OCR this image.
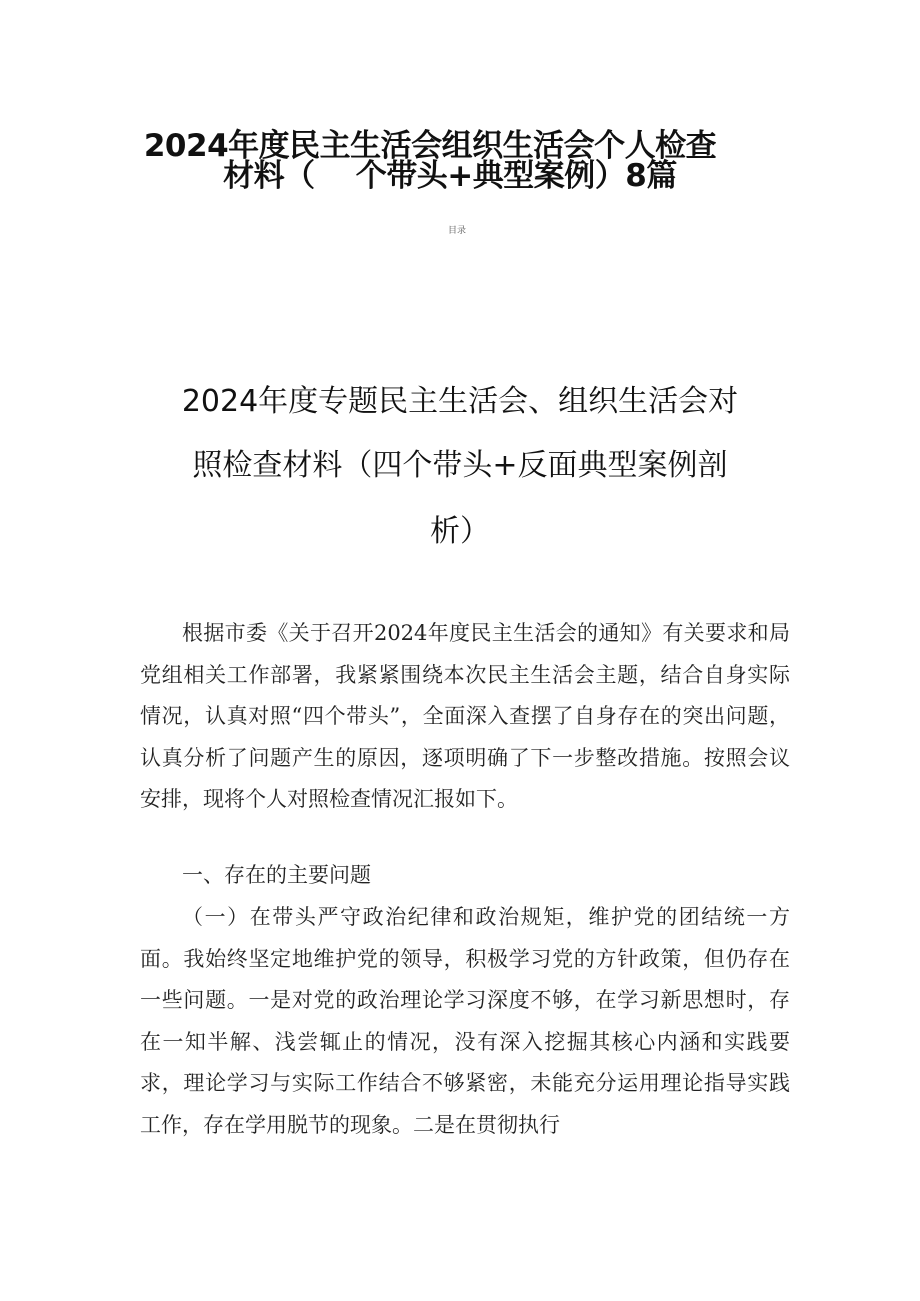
2024年度民主生活会组织生活会个人检查
材料（    个带头+典型案例）8篇
目录
2024年度专题民主生活会、组织生活会对
照检查材料（四个带头+反面典型案例剖
析）

根据市委《关于召开2024年度民主生活会的通知》有关要求和局党组相关工作部署，我紧紧围绕本次民主生活会主题，结合自身实际情况，认真对照“四个带头”，全面深入查摆了自身存在的突出问题，认真分析了问题产生的原因，逐项明确了下一步整改措施。按照会议安排，现将个人对照检查情况汇报如下。

一、存在的主要问题

（一）在带头严守政治纪律和政治规矩，维护党的团结统一方面。我始终坚定地维护党的领导，积极学习党的方针政策，但仍存在一些问题。一是对党的政治理论学习深度不够，在学习新思想时，存在一知半解、浅尝辄止的情况，没有深入挖掘其核心内涵和实践要求，理论学习与实际工作结合不够紧密，未能充分运用理论指导实践工作，存在学用脱节的现象。二是在贯彻执行
